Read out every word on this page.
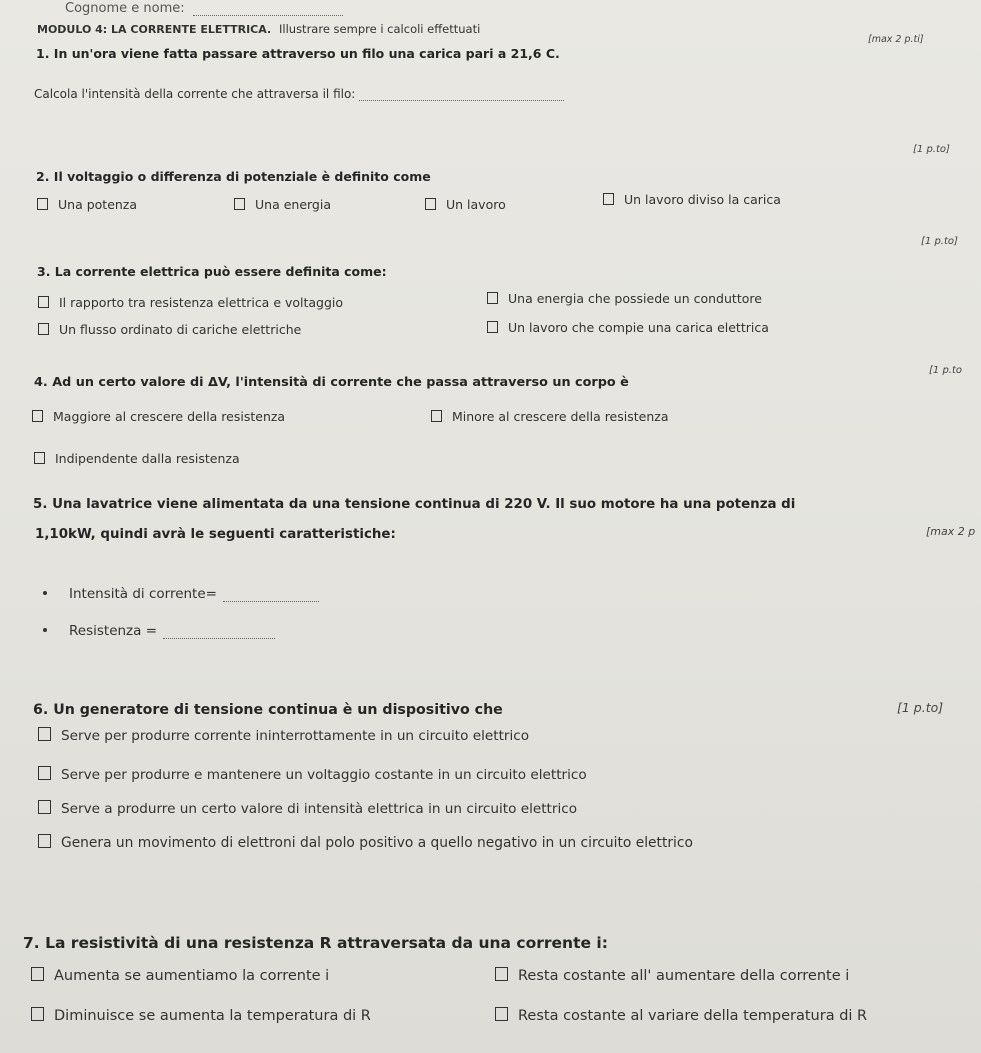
Cognome e nome:
MODULO 4: LA CORRENTE ELETTRICA. Illustrare sempre i calcoli effettuati
[max 2 p.ti]
1. In un'ora viene fatta passare attraverso un filo una carica pari a 21,6 C.
Calcola l'intensità della corrente che attraversa il filo:
[1 p.to]
2. Il voltaggio o differenza di potenziale è definito come
Una potenza	Una energia	Un lavoro	Un lavoro diviso la carica
[1 p.to]
3. La corrente elettrica può essere definita come:
Il rapporto tra resistenza elettrica e voltaggio	Una energia che possiede un conduttore
Un flusso ordinato di cariche elettriche	Un lavoro che compie una carica elettrica
[1 p.to
4. Ad un certo valore di ΔV, l'intensità di corrente che passa attraverso un corpo è
Maggiore al crescere della resistenza	Minore al crescere della resistenza
Indipendente dalla resistenza
5. Una lavatrice viene alimentata da una tensione continua di 220 V. Il suo motore ha una potenza di
1,10kW, quindi avrà le seguenti caratteristiche:	[max 2 p
Intensità di corrente=
Resistenza =
6. Un generatore di tensione continua è un dispositivo che	[1 p.to]
Serve per produrre corrente ininterrottamente in un circuito elettrico
Serve per produrre e mantenere un voltaggio costante in un circuito elettrico
Serve a produrre un certo valore di intensità elettrica in un circuito elettrico
Genera un movimento di elettroni dal polo positivo a quello negativo in un circuito elettrico
7. La resistività di una resistenza R attraversata da una corrente i:
Aumenta se aumentiamo la corrente i	Resta costante all' aumentare della corrente i
Diminuisce se aumenta la temperatura di R	Resta costante al variare della temperatura di R
